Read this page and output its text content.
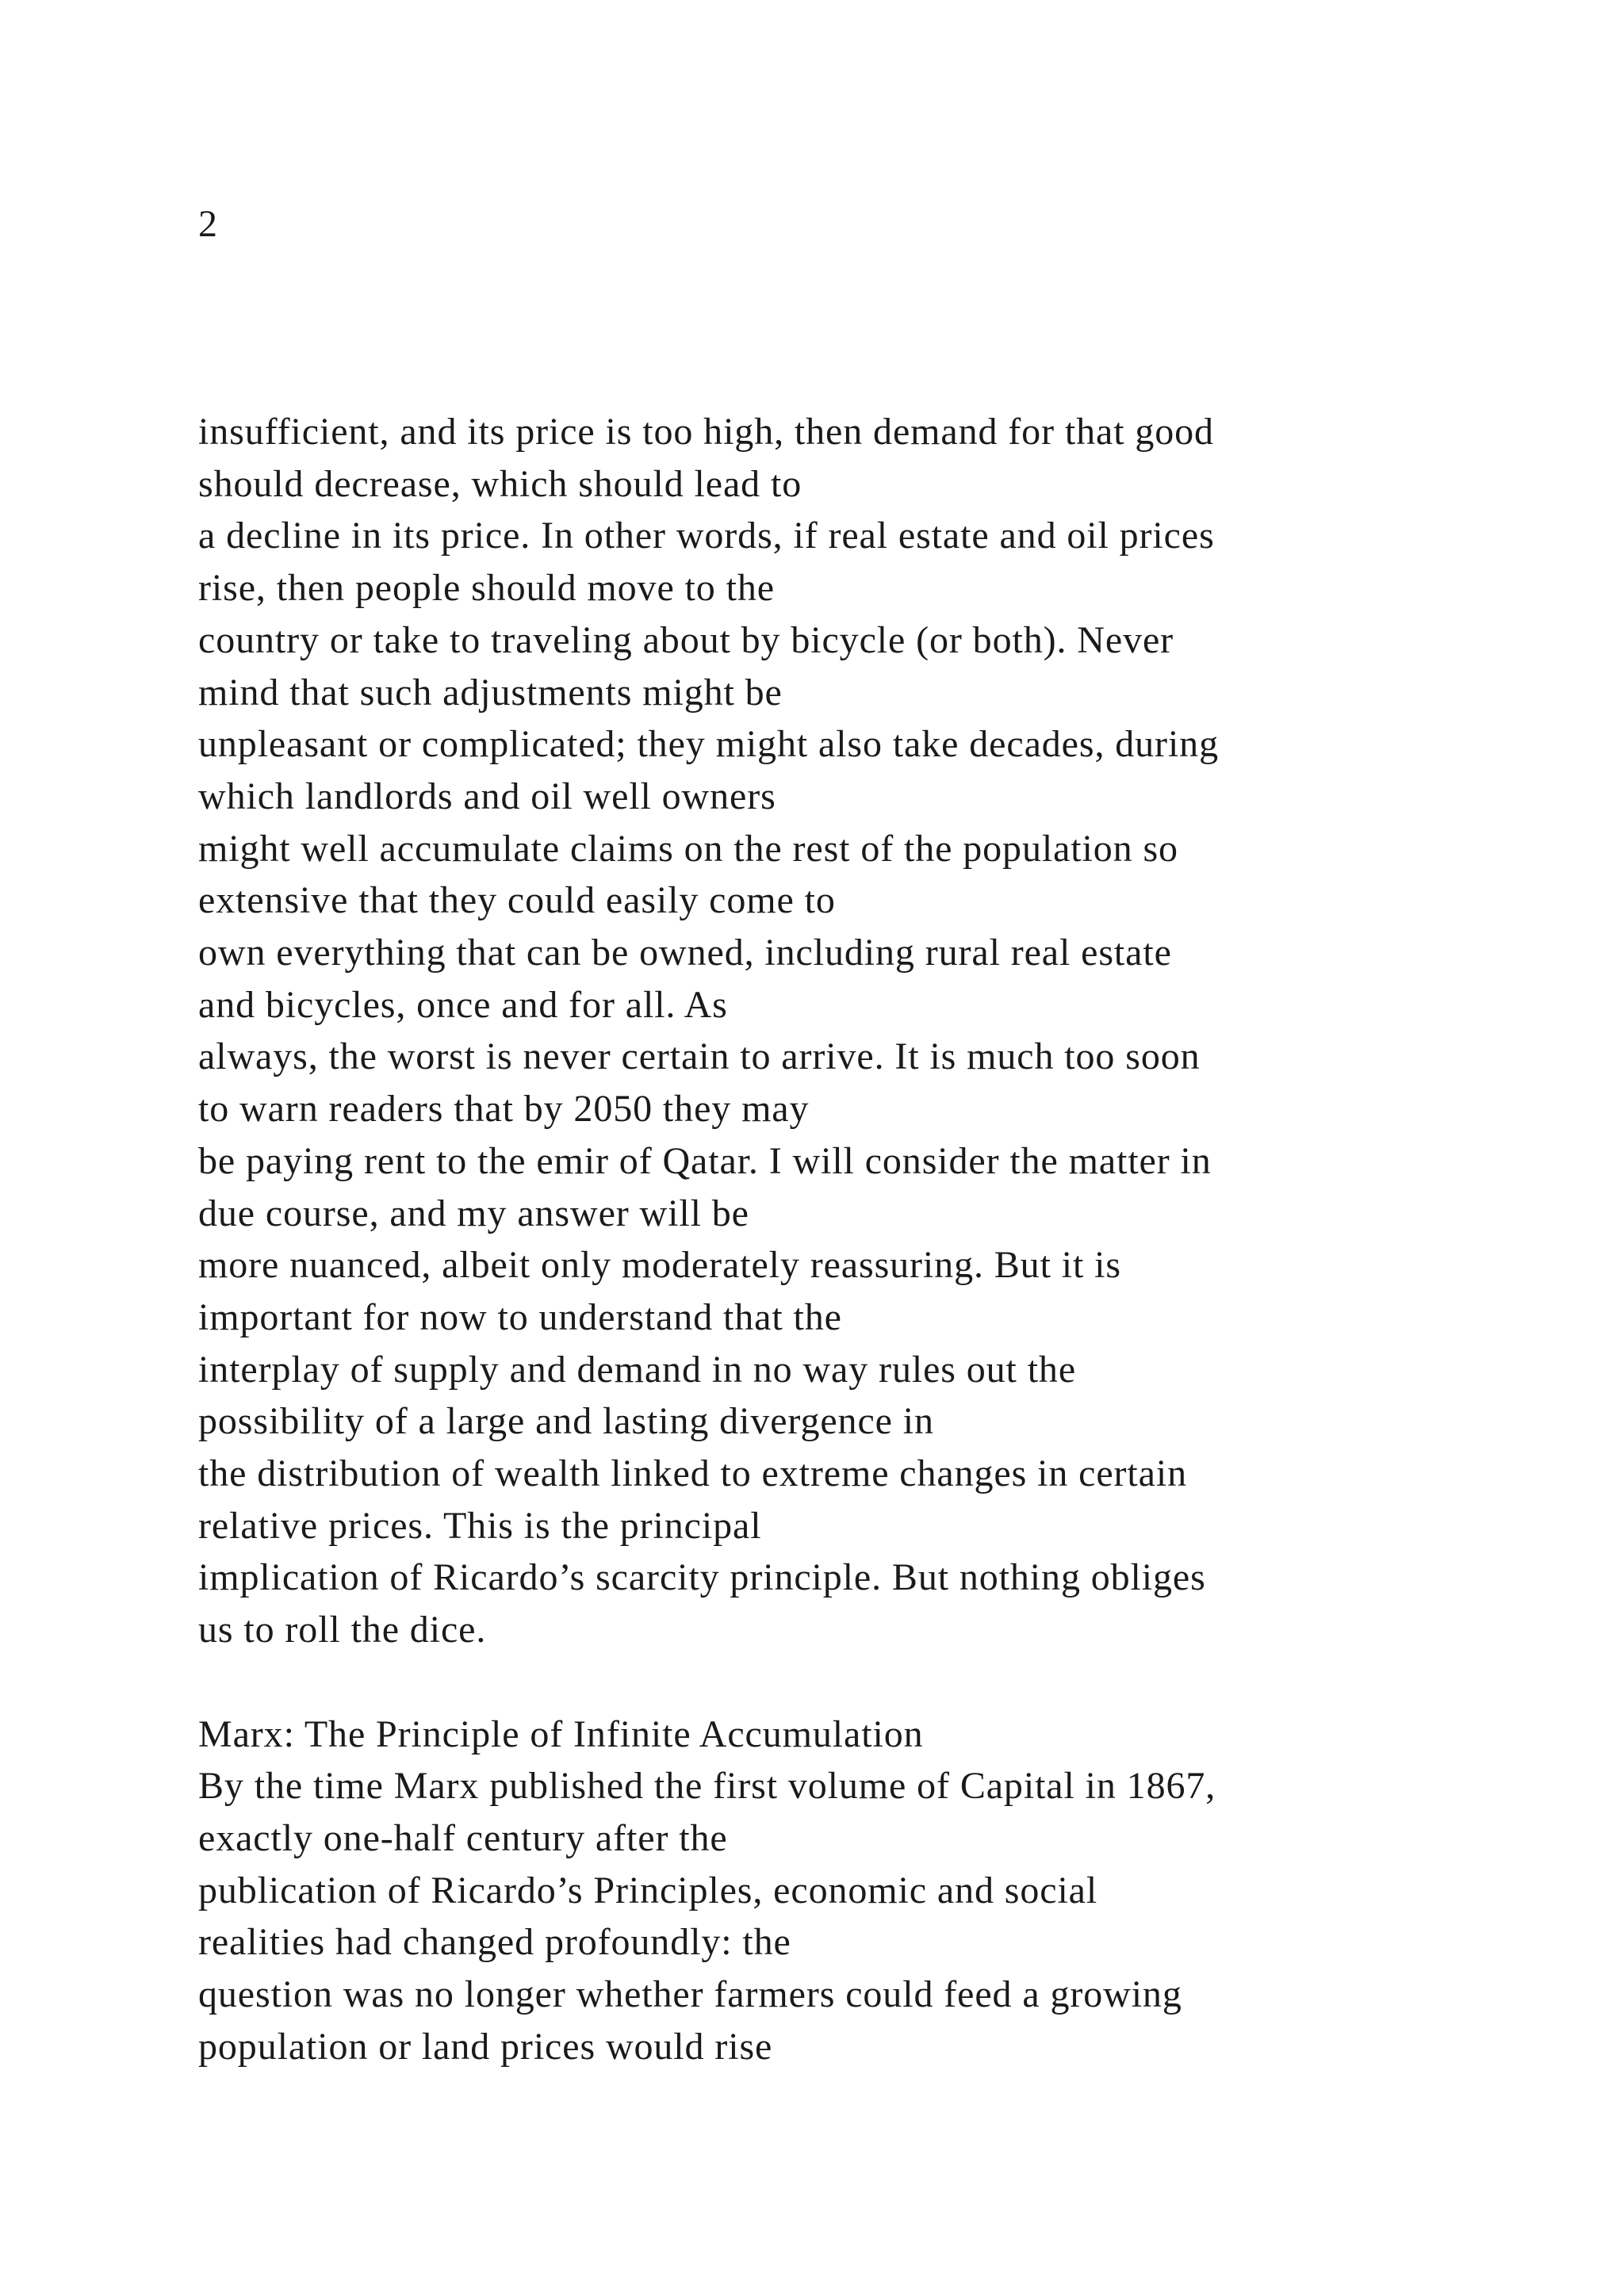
2

insufficient, and its price is too high, then demand for that good
should decrease, which should lead to
a decline in its price. In other words, if real estate and oil prices
rise, then people should move to the
country or take to traveling about by bicycle (or both). Never
mind that such adjustments might be
unpleasant or complicated; they might also take decades, during
which landlords and oil well owners
might well accumulate claims on the rest of the population so
extensive that they could easily come to
own everything that can be owned, including rural real estate
and bicycles, once and for all. As
always, the worst is never certain to arrive. It is much too soon
to warn readers that by 2050 they may
be paying rent to the emir of Qatar. I will consider the matter in
due course, and my answer will be
more nuanced, albeit only moderately reassuring. But it is
important for now to understand that the
interplay of supply and demand in no way rules out the
possibility of a large and lasting divergence in
the distribution of wealth linked to extreme changes in certain
relative prices. This is the principal
implication of Ricardo’s scarcity principle. But nothing obliges
us to roll the dice.
Marx: The Principle of Infinite Accumulation
By the time Marx published the first volume of Capital in 1867,
exactly one-half century after the
publication of Ricardo’s Principles, economic and social
realities had changed profoundly: the
question was no longer whether farmers could feed a growing
population or land prices would rise
